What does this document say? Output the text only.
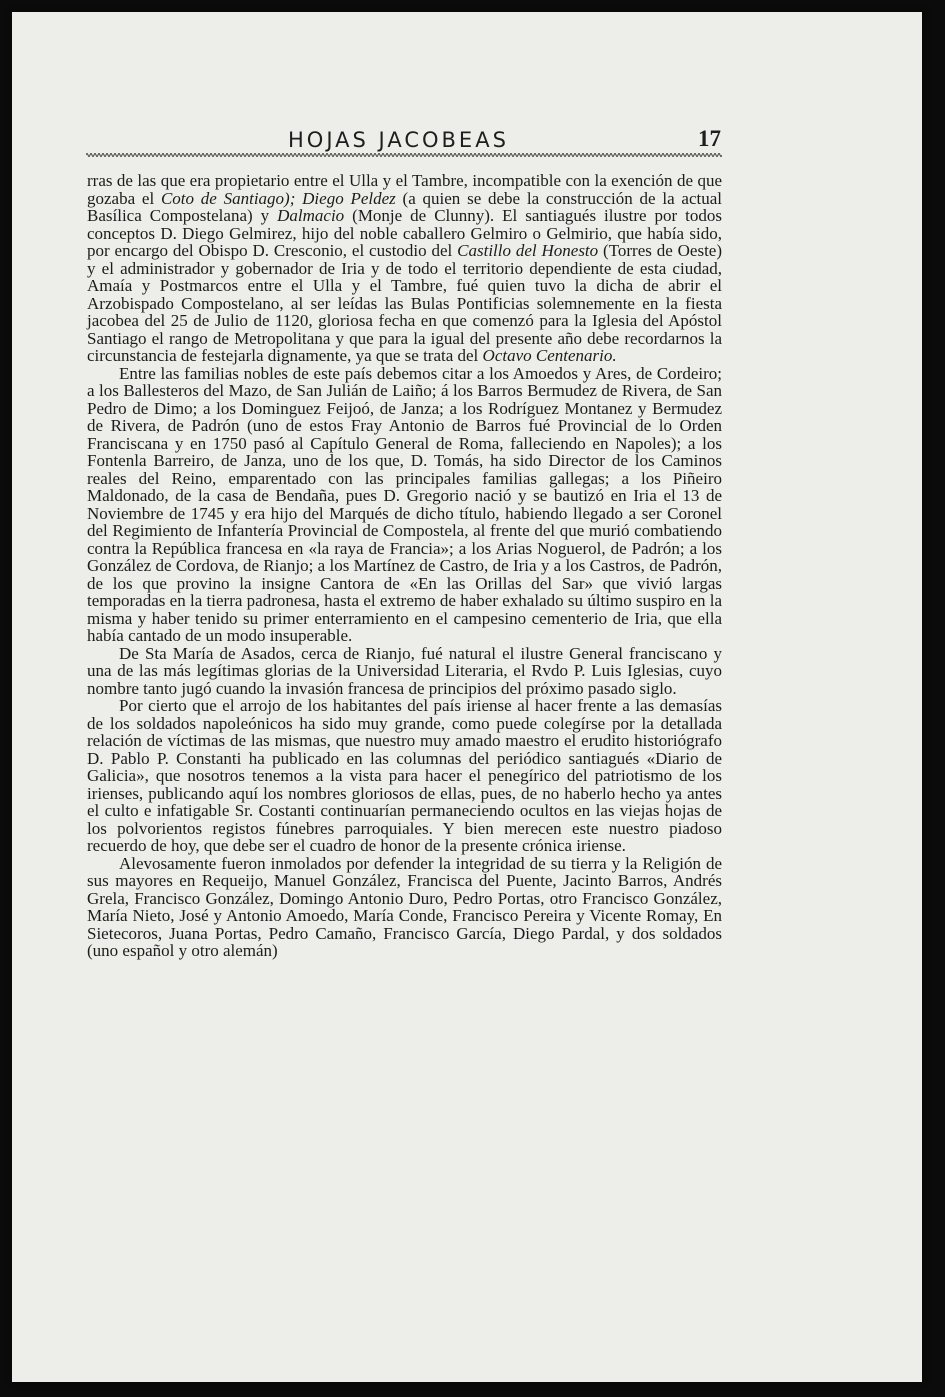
HOJAS JACOBEAS	17

rras de las que era propietario entre el Ulla y el Tambre, incompatible con la exención de que gozaba el Coto de Santiago); Diego Peldez (a quien se debe la construcción de la actual Basílica Compostelana) y Dalmacio (Monje de Clunny). El santiagués ilustre por todos conceptos D. Diego Gelmirez, hijo del noble caballero Gelmiro o Gelmirio, que había sido, por encargo del Obispo D. Cresconio, el custodio del Castillo del Honesto (Torres de Oeste) y el administrador y gobernador de Iria y de todo el territorio dependiente de esta ciudad, Amaía y Postmarcos entre el Ulla y el Tambre, fué quien tuvo la dicha de abrir el Arzobispado Compostelano, al ser leídas las Bulas Pontificias solemnemente en la fiesta jacobea del 25 de Julio de 1120, gloriosa fecha en que comenzó para la Iglesia del Apóstol Santiago el rango de Metropolitana y que para la igual del presente año debe recordarnos la circunstancia de festejarla dignamente, ya que se trata del Octavo Centenario.

Entre las familias nobles de este país debemos citar a los Amoedos y Ares, de Cordeiro; a los Ballesteros del Mazo, de San Julián de Laiño; á los Barros Bermudez de Rivera, de San Pedro de Dimo; a los Dominguez Feijoó, de Janza; a los Rodríguez Montanez y Bermudez de Rivera, de Padrón (uno de estos Fray Antonio de Barros fué Provincial de lo Orden Franciscana y en 1750 pasó al Capítulo General de Roma, falleciendo en Napoles); a los Fontenla Barreiro, de Janza, uno de los que, D. Tomás, ha sido Director de los Caminos reales del Reino, emparentado con las principales familias gallegas; a los Piñeiro Maldonado, de la casa de Bendaña, pues D. Gregorio nació y se bautizó en Iria el 13 de Noviembre de 1745 y era hijo del Marqués de dicho título, habiendo llegado a ser Coronel del Regimiento de Infantería Provincial de Compostela, al frente del que murió combatiendo contra la República francesa en «la raya de Francia»; a los Arias Noguerol, de Padrón; a los González de Cordova, de Rianjo; a los Martínez de Castro, de Iria y a los Castros, de Padrón, de los que provino la insigne Cantora de «En las Orillas del Sar» que vivió largas temporadas en la tierra padronesa, hasta el extremo de haber exhalado su último suspiro en la misma y haber tenido su primer enterramiento en el campesino cementerio de Iria, que ella había cantado de un modo insuperable.

De Sta María de Asados, cerca de Rianjo, fué natural el ilustre General franciscano y una de las más legítimas glorias de la Universidad Literaria, el Rvdo P. Luis Iglesias, cuyo nombre tanto jugó cuando la invasión francesa de principios del próximo pasado siglo.

Por cierto que el arrojo de los habitantes del país iriense al hacer frente a las demasías de los soldados napoleónicos ha sido muy grande, como puede colegírse por la detallada relación de víctimas de las mismas, que nuestro muy amado maestro el erudito historiógrafo D. Pablo P. Constanti ha publicado en las columnas del periódico santiagués «Diario de Galicia», que nosotros tenemos a la vista para hacer el penegírico del patriotismo de los irienses, publicando aquí los nombres gloriosos de ellas, pues, de no haberlo hecho ya antes el culto e infatigable Sr. Costanti continuarían permaneciendo ocultos en las viejas hojas de los polvorientos registos fúnebres parroquiales. Y bien merecen este nuestro piadoso recuerdo de hoy, que debe ser el cuadro de honor de la presente crónica iriense.

Alevosamente fueron inmolados por defender la integridad de su tierra y la Religión de sus mayores en Requeijo, Manuel González, Francisca del Puente, Jacinto Barros, Andrés Grela, Francisco González, Domingo Antonio Duro, Pedro Portas, otro Francisco González, María Nieto, José y Antonio Amoedo, María Conde, Francisco Pereira y Vicente Romay, En Sietecoros, Juana Portas, Pedro Camaño, Francisco García, Diego Pardal, y dos soldados (uno español y otro alemán)
